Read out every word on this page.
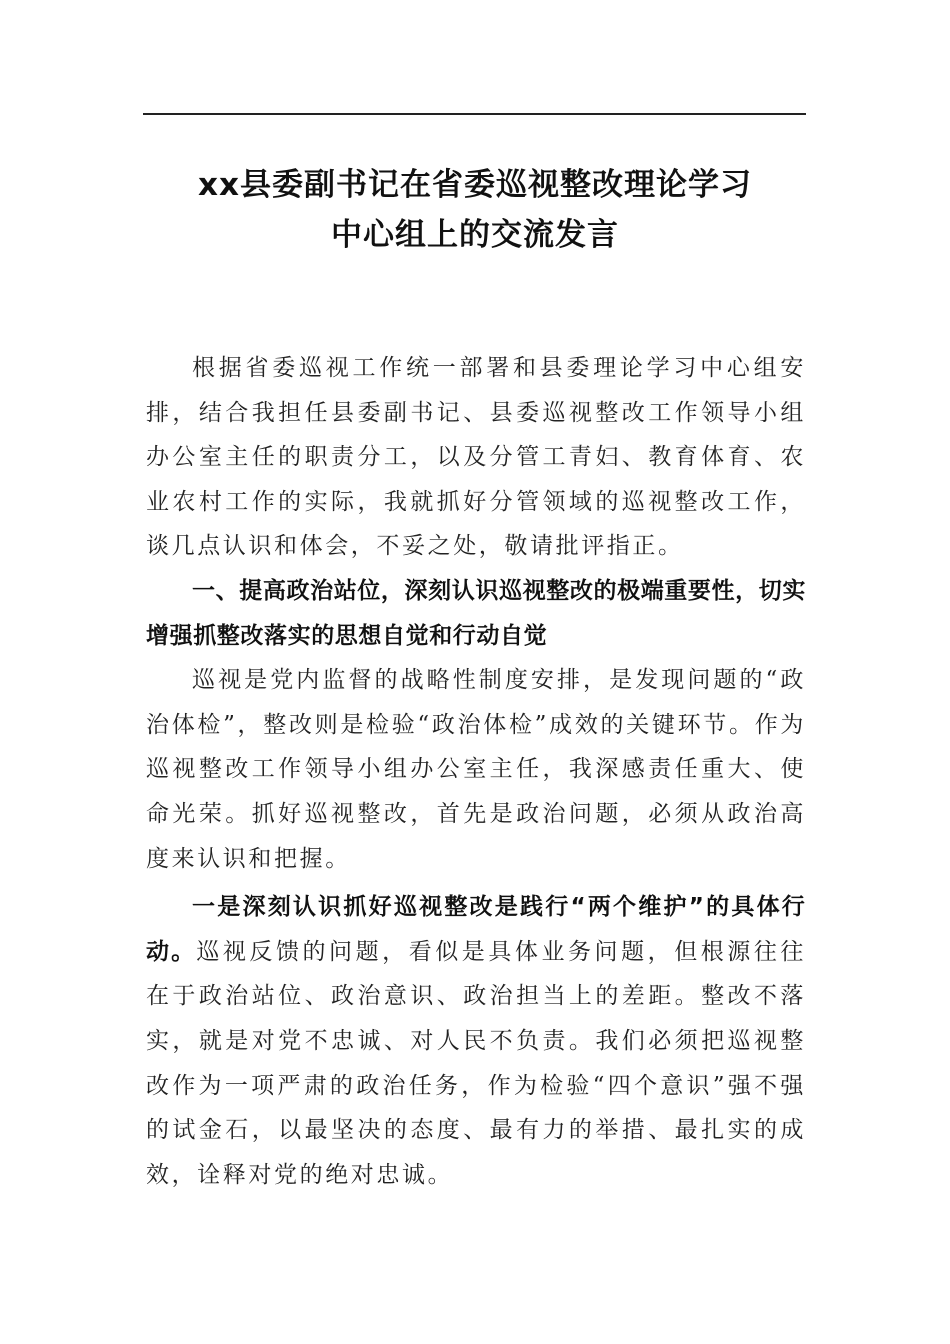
xx县委副书记在省委巡视整改理论学习
中心组上的交流发言

根据省委巡视工作统一部署和县委理论学习中心组安排，结合我担任县委副书记、县委巡视整改工作领导小组办公室主任的职责分工，以及分管工青妇、教育体育、农业农村工作的实际，我就抓好分管领域的巡视整改工作，谈几点认识和体会，不妥之处，敬请批评指正。

一、提高政治站位，深刻认识巡视整改的极端重要性，切实增强抓整改落实的思想自觉和行动自觉

巡视是党内监督的战略性制度安排，是发现问题的“政治体检”，整改则是检验“政治体检”成效的关键环节。作为巡视整改工作领导小组办公室主任，我深感责任重大、使命光荣。抓好巡视整改，首先是政治问题，必须从政治高度来认识和把握。

一是深刻认识抓好巡视整改是践行“两个维护”的具体行动。巡视反馈的问题，看似是具体业务问题，但根源往往在于政治站位、政治意识、政治担当上的差距。整改不落实，就是对党不忠诚、对人民不负责。我们必须把巡视整改作为一项严肃的政治任务，作为检验“四个意识”强不强的试金石，以最坚决的态度、最有力的举措、最扎实的成效，诠释对党的绝对忠诚。
